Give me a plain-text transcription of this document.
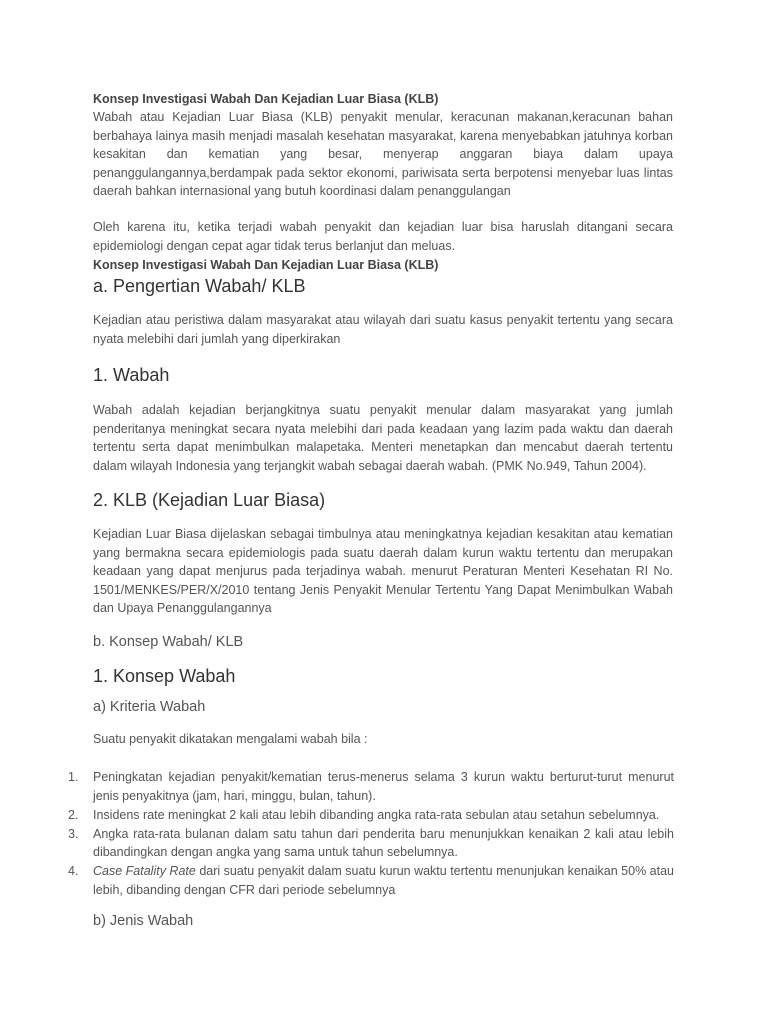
Konsep Investigasi Wabah Dan Kejadian Luar Biasa (KLB)

Wabah atau Kejadian Luar Biasa (KLB) penyakit menular, keracunan makanan,keracunan bahan berbahaya lainya masih menjadi masalah kesehatan masyarakat, karena menyebabkan jatuhnya korban kesakitan dan kematian yang besar, menyerap anggaran biaya dalam upaya penanggulangannya,berdampak pada sektor ekonomi, pariwisata serta berpotensi menyebar luas lintas daerah bahkan internasional yang butuh koordinasi dalam penanggulangan

Oleh karena itu, ketika terjadi wabah penyakit dan kejadian luar bisa haruslah ditangani secara epidemiologi dengan cepat agar tidak terus berlanjut dan meluas.

Konsep Investigasi Wabah Dan Kejadian Luar Biasa (KLB)

a. Pengertian Wabah/ KLB

Kejadian atau peristiwa dalam masyarakat atau wilayah dari suatu kasus penyakit tertentu yang secara nyata melebihi dari jumlah yang diperkirakan

1. Wabah

Wabah adalah kejadian berjangkitnya suatu penyakit menular dalam masyarakat yang jumlah penderitanya meningkat secara nyata melebihi dari pada keadaan yang lazim pada waktu dan daerah tertentu serta dapat menimbulkan malapetaka. Menteri menetapkan dan mencabut daerah tertentu dalam wilayah Indonesia yang terjangkit wabah sebagai daerah wabah. (PMK No.949, Tahun 2004).

2. KLB (Kejadian Luar Biasa)

Kejadian Luar Biasa dijelaskan sebagai timbulnya atau meningkatnya kejadian kesakitan atau kematian yang bermakna secara epidemiologis pada suatu daerah dalam kurun waktu tertentu dan merupakan keadaan yang dapat menjurus pada terjadinya wabah. menurut Peraturan Menteri Kesehatan RI No. 1501/MENKES/PER/X/2010 tentang Jenis Penyakit Menular Tertentu Yang Dapat Menimbulkan Wabah dan Upaya Penanggulangannya

b. Konsep Wabah/ KLB

1. Konsep Wabah

a) Kriteria Wabah

Suatu penyakit dikatakan mengalami wabah bila :

1. Peningkatan kejadian penyakit/kematian terus-menerus selama 3 kurun waktu berturut-turut menurut jenis penyakitnya (jam, hari, minggu, bulan, tahun).
2. Insidens rate meningkat 2 kali atau lebih dibanding angka rata-rata sebulan atau setahun sebelumnya.
3. Angka rata-rata bulanan dalam satu tahun dari penderita baru menunjukkan kenaikan 2 kali atau lebih dibandingkan dengan angka yang sama untuk tahun sebelumnya.
4. Case Fatality Rate dari suatu penyakit dalam suatu kurun waktu tertentu menunjukan kenaikan 50% atau lebih, dibanding dengan CFR dari periode sebelumnya

b) Jenis Wabah
